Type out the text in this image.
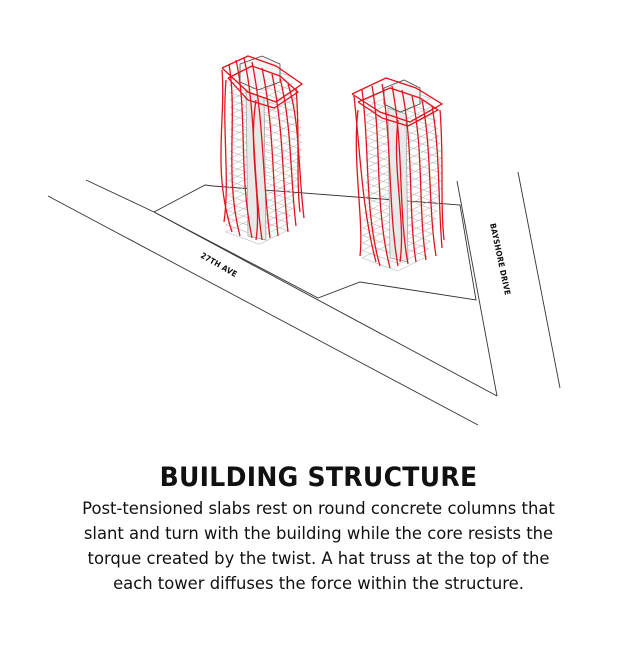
27TH AVE	BAYSHORE DRIVE
BUILDING STRUCTURE
Post-tensioned slabs rest on round concrete columns that
slant and turn with the building while the core resists the
torque created by the twist. A hat truss at the top of the
each tower diffuses the force within the structure.
